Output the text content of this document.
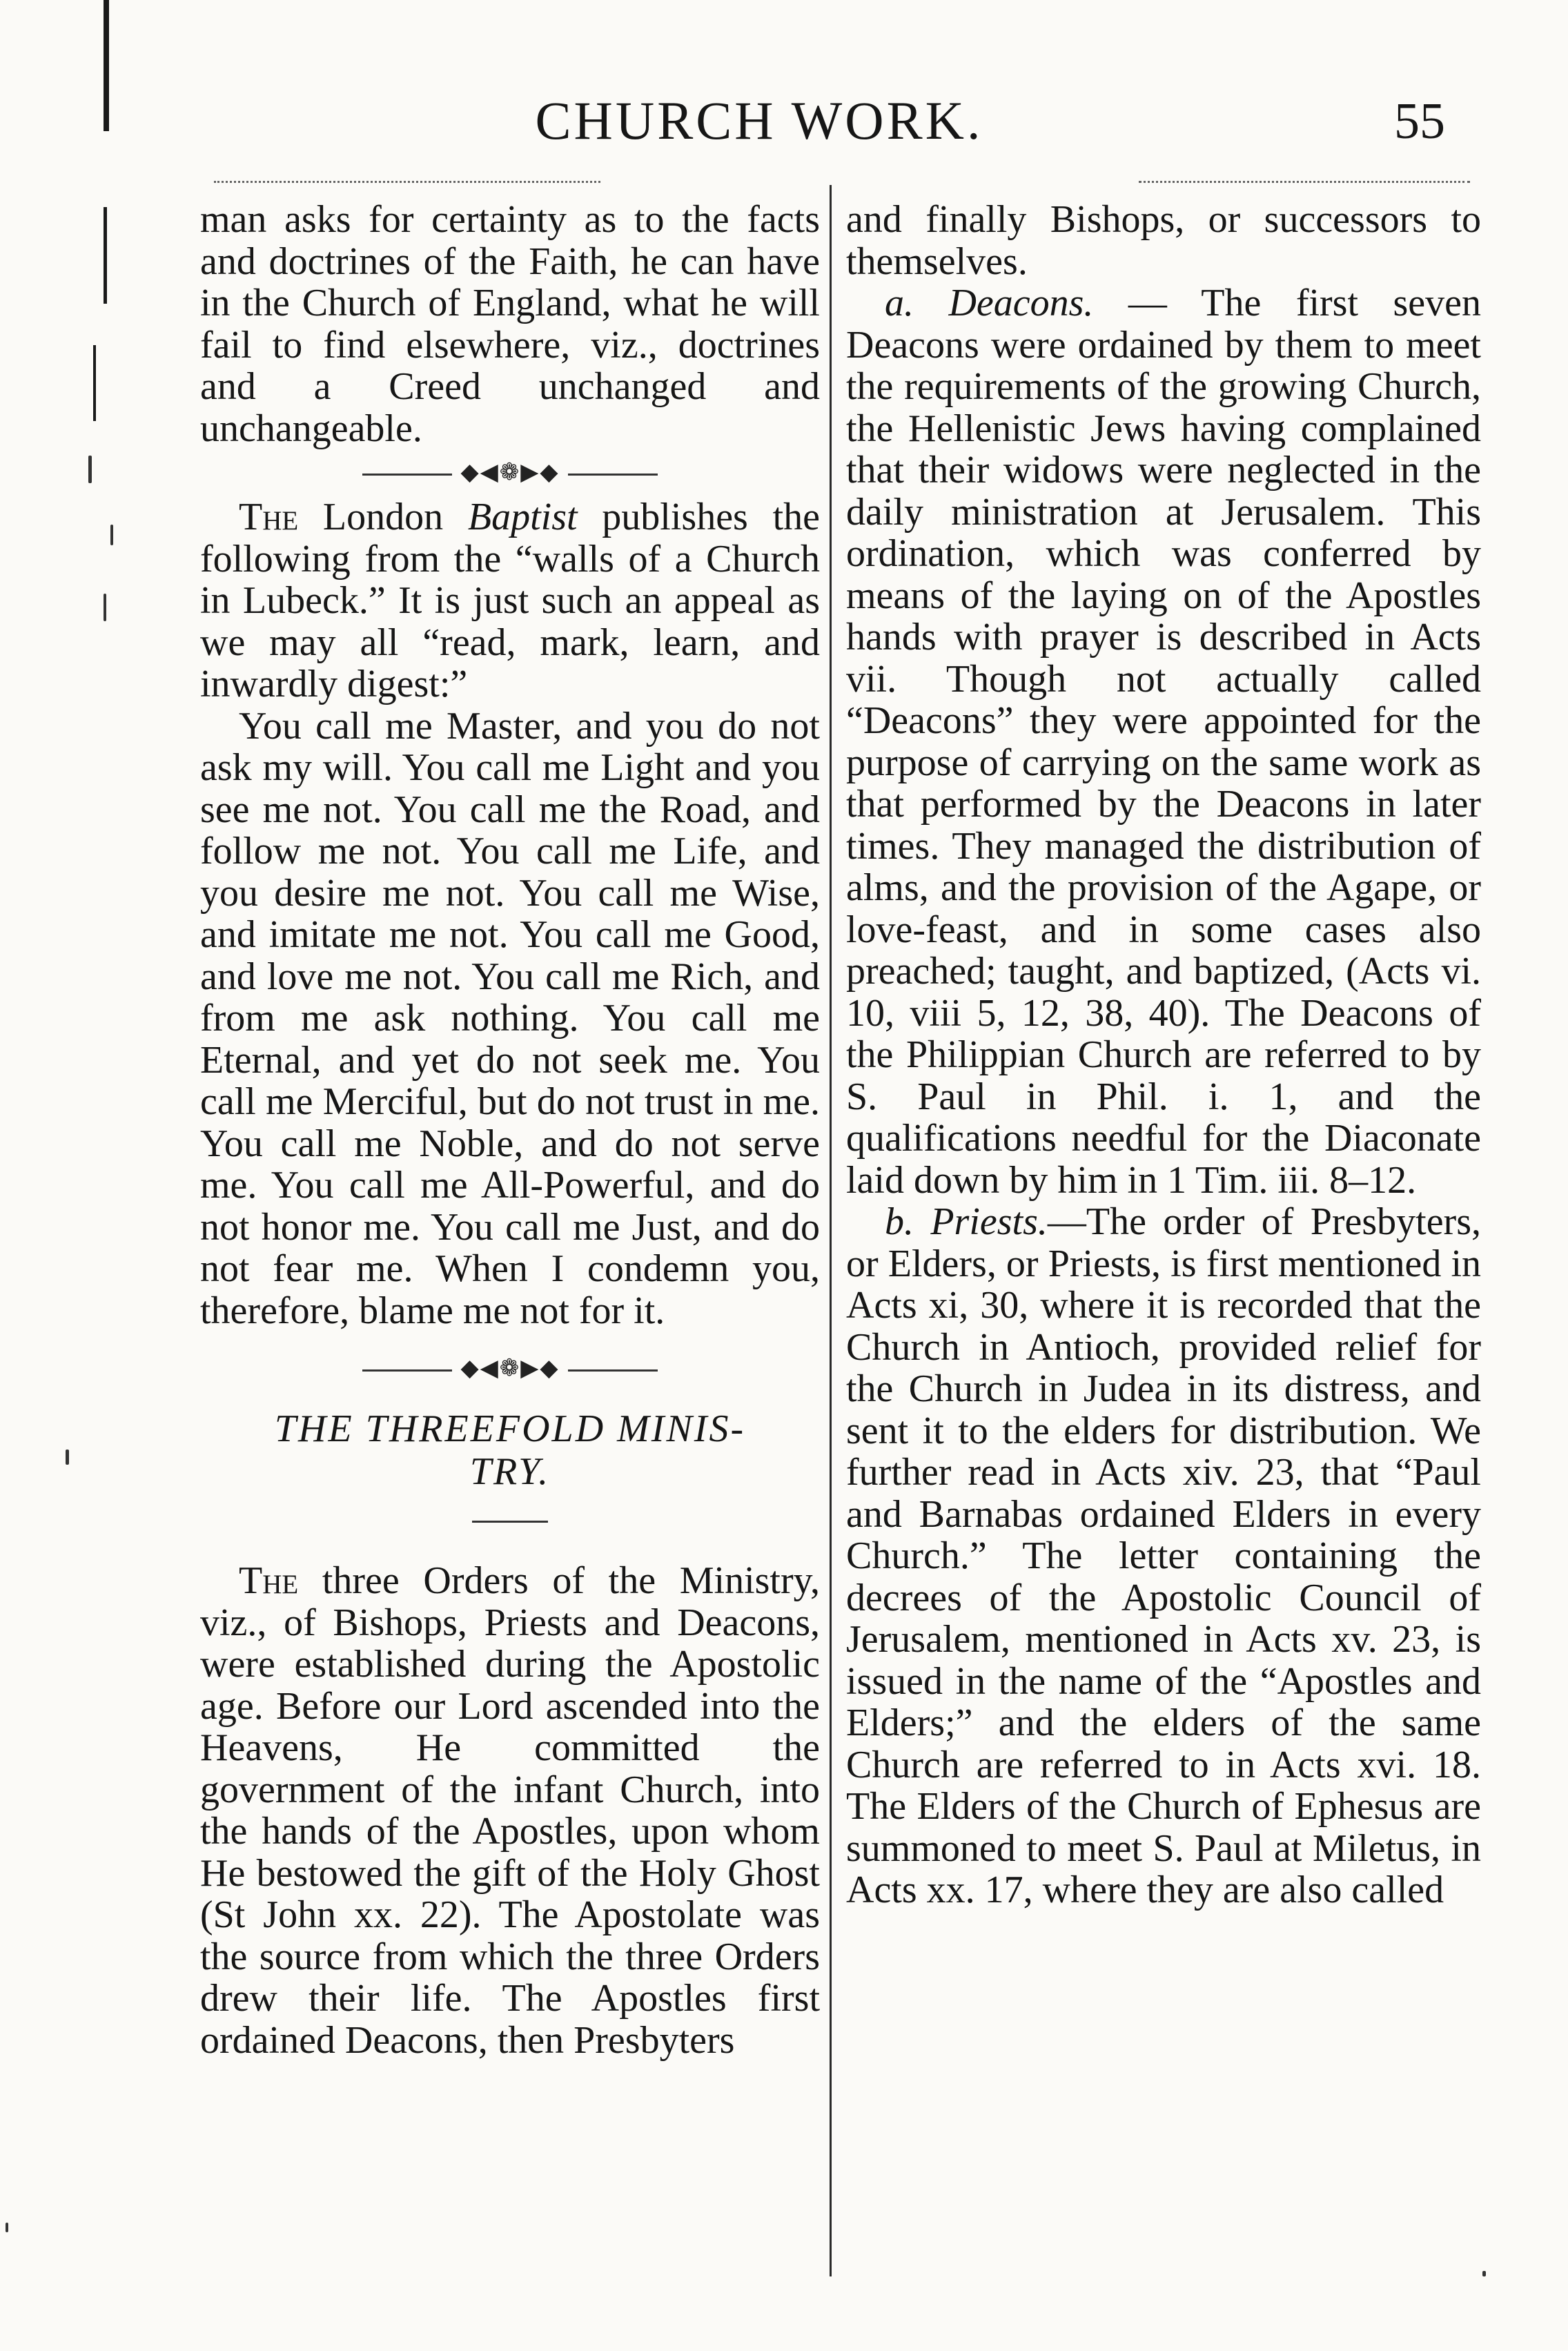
CHURCH WORK.	55

man asks for certainty as to the facts and doctrines of the Faith, he can have in the Church of England, what he will fail to find elsewhere, viz., doctrines and a Creed unchanged and unchangeable.

◆◀❁▶◆

The London Baptist publishes the following from the “walls of a Church in Lubeck.” It is just such an appeal as we may all “read, mark, learn, and inwardly digest:”

You call me Master, and you do not ask my will. You call me Light and you see me not. You call me the Road, and follow me not. You call me Life, and you desire me not. You call me Wise, and imitate me not. You call me Good, and love me not. You call me Rich, and from me ask nothing. You call me Eternal, and yet do not seek me. You call me Merciful, but do not trust in me. You call me Noble, and do not serve me. You call me All-Powerful, and do not honor me. You call me Just, and do not fear me. When I condemn you, therefore, blame me not for it.

◆◀❁▶◆
THE THREEFOLD MINIS-
TRY.

The three Orders of the Ministry, viz., of Bishops, Priests and Deacons, were established during the Apostolic age. Before our Lord ascended into the Heavens, He committed the government of the infant Church, into the hands of the Apostles, upon whom He bestowed the gift of the Holy Ghost (St John xx. 22). The Apostolate was the source from which the three Orders drew their life. The Apostles first ordained Deacons, then Presbyters

and finally Bishops, or successors to themselves.

a. Deacons. — The first seven Deacons were ordained by them to meet the requirements of the growing Church, the Hellenistic Jews having complained that their widows were neglected in the daily ministration at Jerusalem. This ordination, which was conferred by means of the laying on of the Apostles hands with prayer is described in Acts vii. Though not actually called “Deacons” they were appointed for the purpose of carrying on the same work as that performed by the Deacons in later times. They managed the distribution of alms, and the provision of the Agape, or love-feast, and in some cases also preached; taught, and baptized, (Acts vi. 10, viii 5, 12, 38, 40). The Deacons of the Philippian Church are referred to by S. Paul in Phil. i. 1, and the qualifications needful for the Diaconate laid down by him in 1 Tim. iii. 8–12.

b. Priests.—The order of Presbyters, or Elders, or Priests, is first mentioned in Acts xi, 30, where it is recorded that the Church in Antioch, provided relief for the Church in Judea in its distress, and sent it to the elders for distribution. We further read in Acts xiv. 23, that “Paul and Barnabas ordained Elders in every Church.” The letter containing the decrees of the Apostolic Council of Jerusalem, mentioned in Acts xv. 23, is issued in the name of the “Apostles and Elders;” and the elders of the same Church are referred to in Acts xvi. 18. The Elders of the Church of Ephesus are summoned to meet S. Paul at Miletus, in Acts xx. 17, where they are also called
